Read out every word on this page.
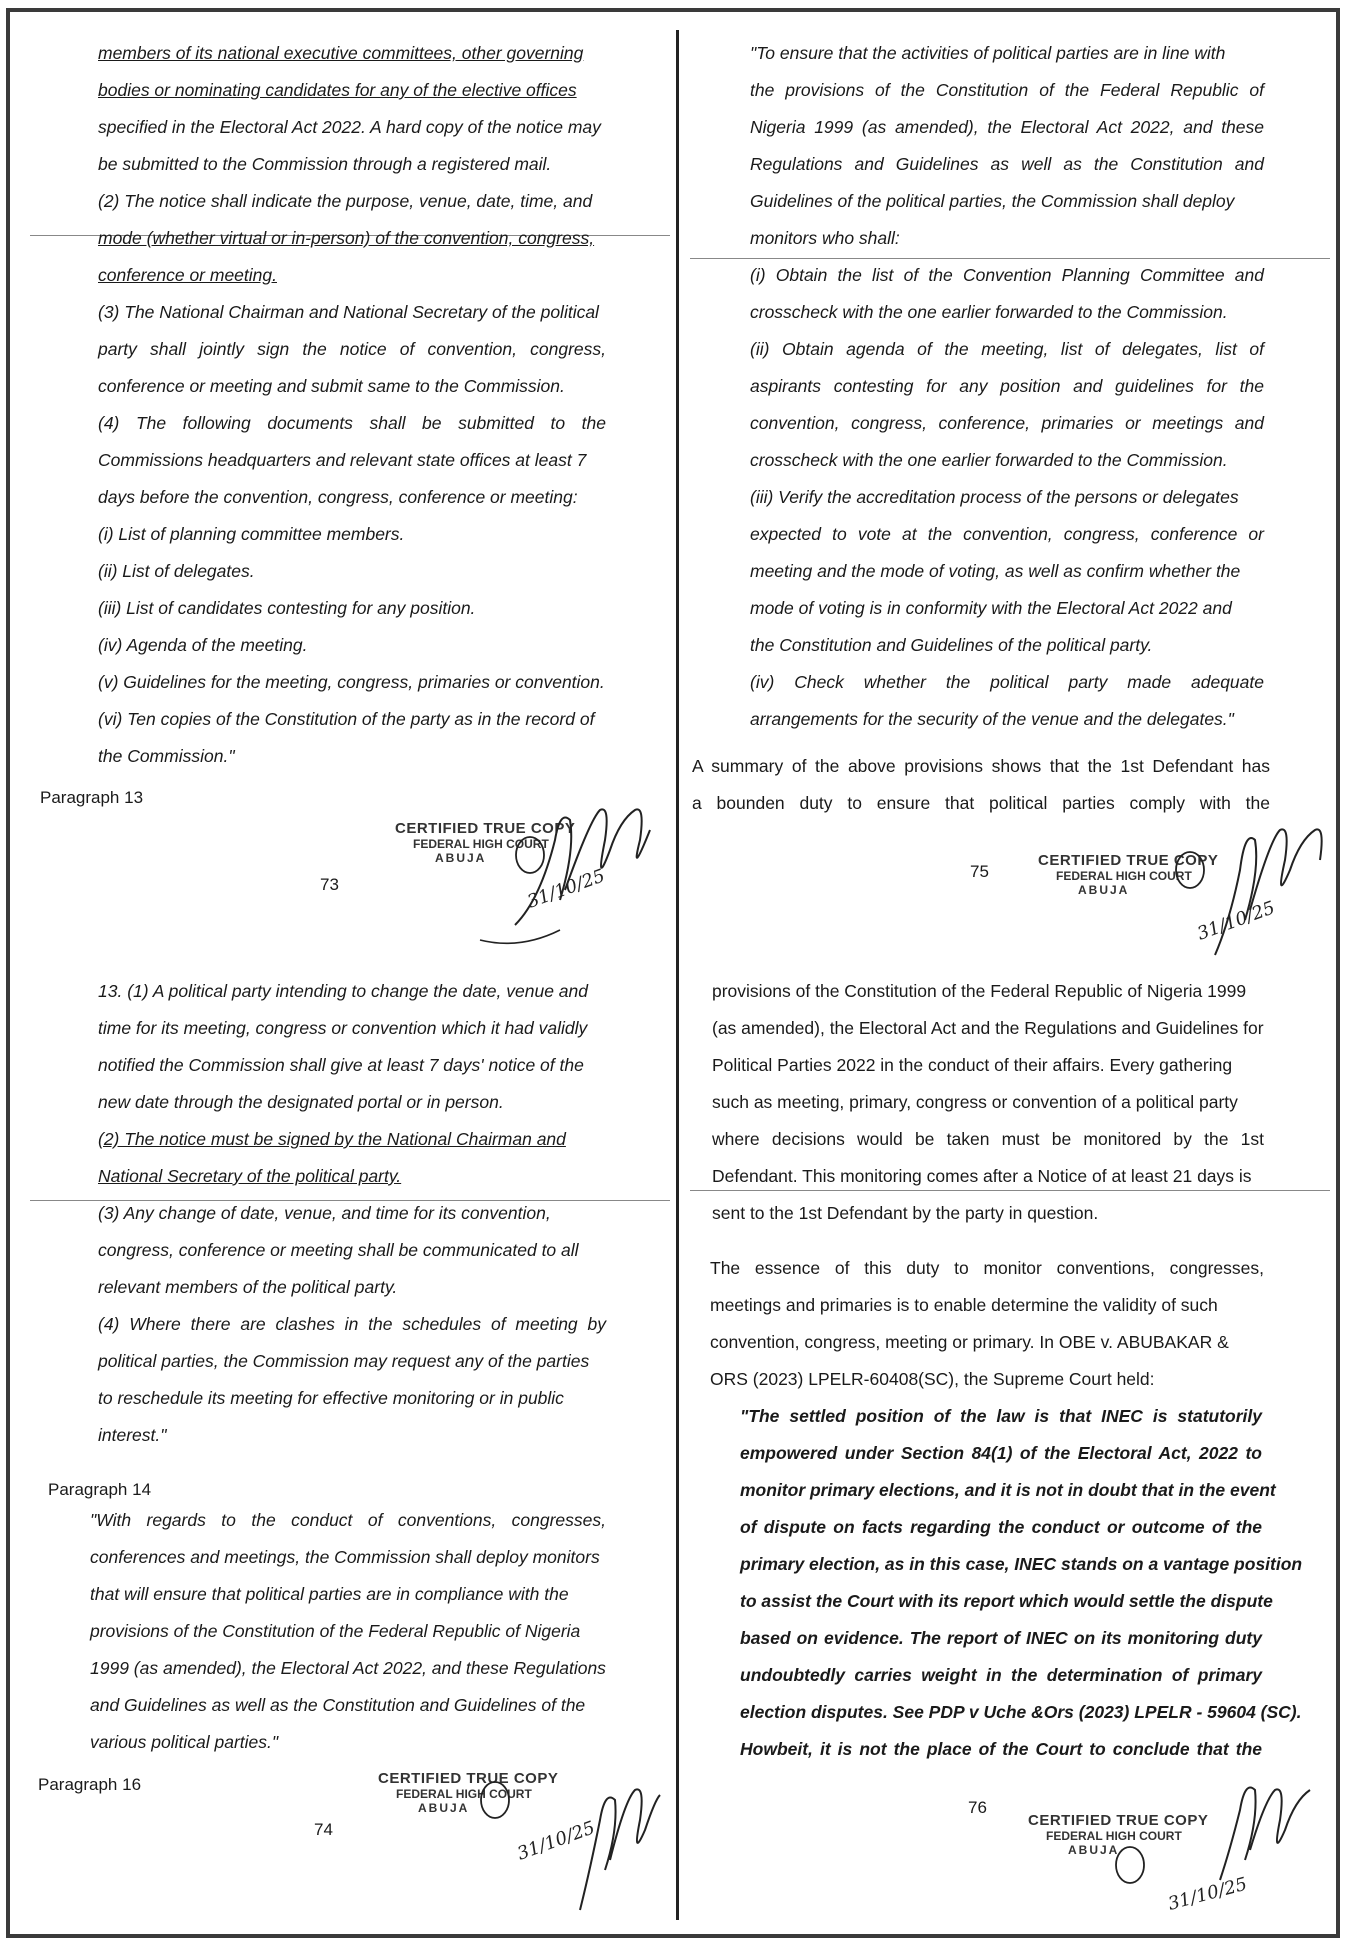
members of its national executive committees, other governing

bodies or nominating candidates for any of the elective offices

specified in the Electoral Act 2022. A hard copy of the notice may

be submitted to the Commission through a registered mail.

(2) The notice shall indicate the purpose, venue, date, time, and

mode (whether virtual or in-person) of the convention, congress,

conference or meeting.

(3) The National Chairman and National Secretary of the political

party shall jointly sign the notice of convention, congress,

conference or meeting and submit same to the Commission.

(4) The following documents shall be submitted to the

Commissions headquarters and relevant state offices at least 7

days before the convention, congress, conference or meeting:

(i) List of planning committee members.

(ii) List of delegates.

(iii) List of candidates contesting for any position.

(iv) Agenda of the meeting.

(v) Guidelines for the meeting, congress, primaries or convention.

(vi) Ten copies of the Constitution of the party as in the record of

the Commission."

Paragraph 13
73
CERTIFIED TRUE COPY
FEDERAL HIGH COURT
ABUJA
31/10/25

"To ensure that the activities of political parties are in line with

the provisions of the Constitution of the Federal Republic of

Nigeria 1999 (as amended), the Electoral Act 2022, and these

Regulations and Guidelines as well as the Constitution and

Guidelines of the political parties, the Commission shall deploy

monitors who shall:

(i) Obtain the list of the Convention Planning Committee and

crosscheck with the one earlier forwarded to the Commission.

(ii) Obtain agenda of the meeting, list of delegates, list of

aspirants contesting for any position and guidelines for the

convention, congress, conference, primaries or meetings and

crosscheck with the one earlier forwarded to the Commission.

(iii) Verify the accreditation process of the persons or delegates

expected to vote at the convention, congress, conference or

meeting and the mode of voting, as well as confirm whether the

mode of voting is in conformity with the Electoral Act 2022 and

the Constitution and Guidelines of the political party.

(iv) Check whether the political party made adequate

arrangements for the security of the venue and the delegates."

A summary of the above provisions shows that the 1st Defendant has

a bounden duty to ensure that political parties comply with the

75
CERTIFIED TRUE COPY
FEDERAL HIGH COURT
ABUJA
31/10/25

13. (1) A political party intending to change the date, venue and

time for its meeting, congress or convention which it had validly

notified the Commission shall give at least 7 days' notice of the

new date through the designated portal or in person.

(2) The notice must be signed by the National Chairman and

National Secretary of the political party.

(3) Any change of date, venue, and time for its convention,

congress, conference or meeting shall be communicated to all

relevant members of the political party.

(4) Where there are clashes in the schedules of meeting by

political parties, the Commission may request any of the parties

to reschedule its meeting for effective monitoring or in public

interest."

Paragraph 14

"With regards to the conduct of conventions, congresses,

conferences and meetings, the Commission shall deploy monitors

that will ensure that political parties are in compliance with the

provisions of the Constitution of the Federal Republic of Nigeria

1999 (as amended), the Electoral Act 2022, and these Regulations

and Guidelines as well as the Constitution and Guidelines of the

various political parties."

Paragraph 16
74
CERTIFIED TRUE COPY
FEDERAL HIGH COURT
ABUJA
31/10/25

provisions of the Constitution of the Federal Republic of Nigeria 1999

(as amended), the Electoral Act and the Regulations and Guidelines for

Political Parties 2022 in the conduct of their affairs. Every gathering

such as meeting, primary, congress or convention of a political party

where decisions would be taken must be monitored by the 1st

Defendant. This monitoring comes after a Notice of at least 21 days is

sent to the 1st Defendant by the party in question.

The essence of this duty to monitor conventions, congresses,

meetings and primaries is to enable determine the validity of such

convention, congress, meeting or primary. In OBE v. ABUBAKAR &

ORS (2023) LPELR-60408(SC), the Supreme Court held:

"The settled position of the law is that INEC is statutorily

empowered under Section 84(1) of the Electoral Act, 2022 to

monitor primary elections, and it is not in doubt that in the event

of dispute on facts regarding the conduct or outcome of the

primary election, as in this case, INEC stands on a vantage position

to assist the Court with its report which would settle the dispute

based on evidence. The report of INEC on its monitoring duty

undoubtedly carries weight in the determination of primary

election disputes. See PDP v Uche &Ors (2023) LPELR - 59604 (SC).

Howbeit, it is not the place of the Court to conclude that the

76
CERTIFIED TRUE COPY
FEDERAL HIGH COURT
ABUJA
31/10/25
